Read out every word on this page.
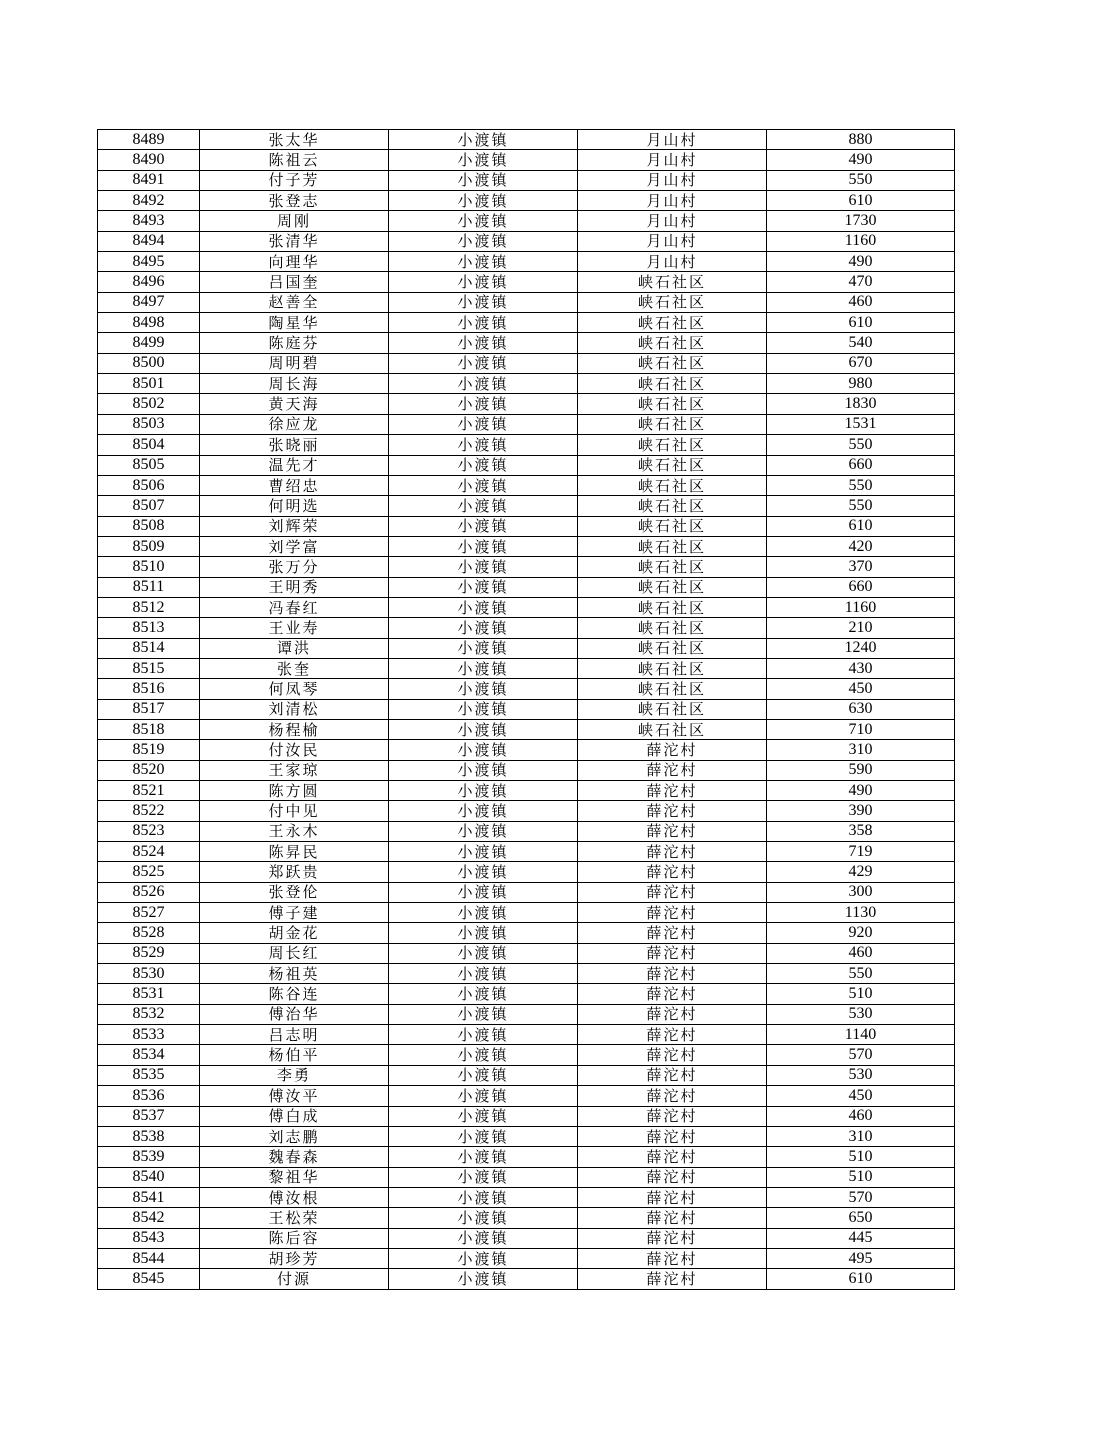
8489	张太华	小渡镇	月山村	880
8490	陈祖云	小渡镇	月山村	490
8491	付子芳	小渡镇	月山村	550
8492	张登志	小渡镇	月山村	610
8493	周刚	小渡镇	月山村	1730
8494	张清华	小渡镇	月山村	1160
8495	向理华	小渡镇	月山村	490
8496	吕国奎	小渡镇	峡石社区	470
8497	赵善全	小渡镇	峡石社区	460
8498	陶星华	小渡镇	峡石社区	610
8499	陈庭芬	小渡镇	峡石社区	540
8500	周明碧	小渡镇	峡石社区	670
8501	周长海	小渡镇	峡石社区	980
8502	黄天海	小渡镇	峡石社区	1830
8503	徐应龙	小渡镇	峡石社区	1531
8504	张晓丽	小渡镇	峡石社区	550
8505	温先才	小渡镇	峡石社区	660
8506	曹绍忠	小渡镇	峡石社区	550
8507	何明选	小渡镇	峡石社区	550
8508	刘辉荣	小渡镇	峡石社区	610
8509	刘学富	小渡镇	峡石社区	420
8510	张万分	小渡镇	峡石社区	370
8511	王明秀	小渡镇	峡石社区	660
8512	冯春红	小渡镇	峡石社区	1160
8513	王业寿	小渡镇	峡石社区	210
8514	谭洪	小渡镇	峡石社区	1240
8515	张奎	小渡镇	峡石社区	430
8516	何凤琴	小渡镇	峡石社区	450
8517	刘清松	小渡镇	峡石社区	630
8518	杨程榆	小渡镇	峡石社区	710
8519	付汝民	小渡镇	薛沱村	310
8520	王家琼	小渡镇	薛沱村	590
8521	陈方圆	小渡镇	薛沱村	490
8522	付中见	小渡镇	薛沱村	390
8523	王永木	小渡镇	薛沱村	358
8524	陈昇民	小渡镇	薛沱村	719
8525	郑跃贵	小渡镇	薛沱村	429
8526	张登伦	小渡镇	薛沱村	300
8527	傅子建	小渡镇	薛沱村	1130
8528	胡金花	小渡镇	薛沱村	920
8529	周长红	小渡镇	薛沱村	460
8530	杨祖英	小渡镇	薛沱村	550
8531	陈谷连	小渡镇	薛沱村	510
8532	傅治华	小渡镇	薛沱村	530
8533	吕志明	小渡镇	薛沱村	1140
8534	杨伯平	小渡镇	薛沱村	570
8535	李勇	小渡镇	薛沱村	530
8536	傅汝平	小渡镇	薛沱村	450
8537	傅白成	小渡镇	薛沱村	460
8538	刘志鹏	小渡镇	薛沱村	310
8539	魏春森	小渡镇	薛沱村	510
8540	黎祖华	小渡镇	薛沱村	510
8541	傅汝根	小渡镇	薛沱村	570
8542	王松荣	小渡镇	薛沱村	650
8543	陈后容	小渡镇	薛沱村	445
8544	胡珍芳	小渡镇	薛沱村	495
8545	付源	小渡镇	薛沱村	610
